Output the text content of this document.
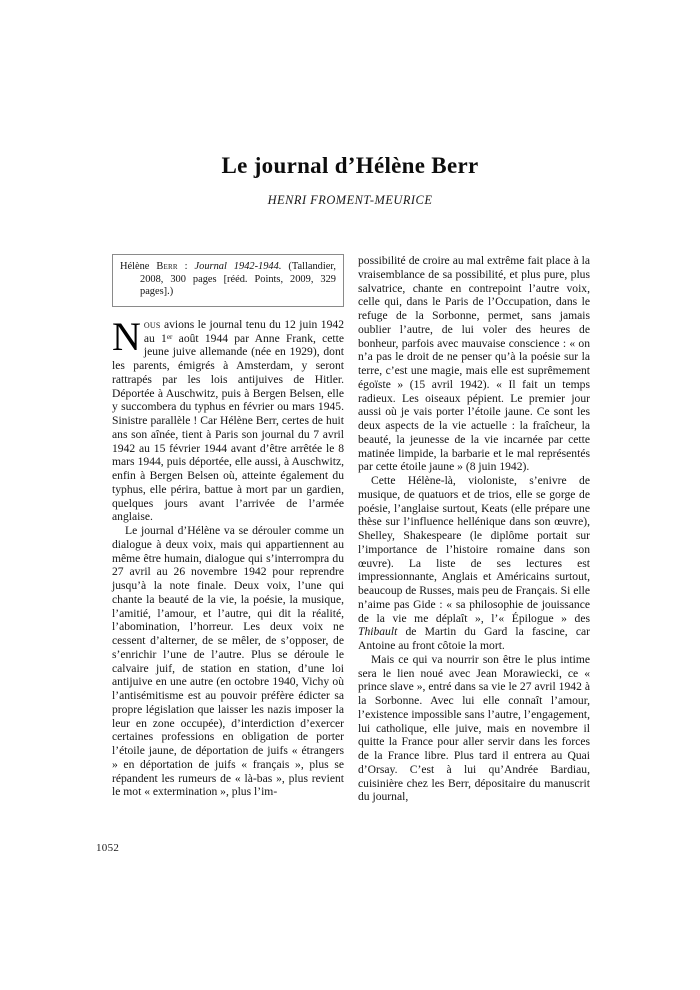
Le journal d’Hélène Berr
HENRI FROMENT-MEURICE
Hélène Berr : Journal 1942-1944. (Tallandier, 2008, 300 pages [rééd. Points, 2009, 329 pages].)

Nous avions le journal tenu du 12 juin 1942 au 1er août 1944 par Anne Frank, cette jeune juive allemande (née en 1929), dont les parents, émigrés à Amsterdam, y seront rattrapés par les lois antijuives de Hitler. Déportée à Auschwitz, puis à Bergen Belsen, elle y succombera du typhus en février ou mars 1945. Sinistre parallèle ! Car Hélène Berr, certes de huit ans son aînée, tient à Paris son journal du 7 avril 1942 au 15 février 1944 avant d’être arrêtée le 8 mars 1944, puis déportée, elle aussi, à Auschwitz, enfin à Bergen Belsen où, atteinte également du typhus, elle périra, battue à mort par un gardien, quelques jours avant l’arrivée de l’armée anglaise.

Le journal d’Hélène va se dérouler comme un dialogue à deux voix, mais qui appartiennent au même être humain, dialogue qui s’interrompra du 27 avril au 26 novembre 1942 pour reprendre jusqu’à la note finale. Deux voix, l’une qui chante la beauté de la vie, la poésie, la musique, l’amitié, l’amour, et l’autre, qui dit la réalité, l’abomination, l’horreur. Les deux voix ne cessent d’alterner, de se mêler, de s’opposer, de s’enrichir l’une de l’autre. Plus se déroule le calvaire juif, de station en station, d’une loi antijuive en une autre (en octobre 1940, Vichy où l’antisémitisme est au pouvoir préfère édicter sa propre législation que laisser les nazis imposer la leur en zone occupée), d’interdiction d’exercer certaines professions en obligation de porter l’étoile jaune, de déportation de juifs « étrangers » en déportation de juifs « français », plus se répandent les rumeurs de « là-bas », plus revient le mot « extermination », plus l’im-

possibilité de croire au mal extrême fait place à la vraisemblance de sa possibilité, et plus pure, plus salvatrice, chante en contrepoint l’autre voix, celle qui, dans le Paris de l’Occupation, dans le refuge de la Sorbonne, permet, sans jamais oublier l’autre, de lui voler des heures de bonheur, parfois avec mauvaise conscience : « on n’a pas le droit de ne penser qu’à la poésie sur la terre, c’est une magie, mais elle est suprêmement égoïste » (15 avril 1942). « Il fait un temps radieux. Les oiseaux pépient. Le premier jour aussi où je vais porter l’étoile jaune. Ce sont les deux aspects de la vie actuelle : la fraîcheur, la beauté, la jeunesse de la vie incarnée par cette matinée limpide, la barbarie et le mal représentés par cette étoile jaune » (8 juin 1942).

Cette Hélène-là, violoniste, s’enivre de musique, de quatuors et de trios, elle se gorge de poésie, l’anglaise surtout, Keats (elle prépare une thèse sur l’influence hellénique dans son œuvre), Shelley, Shakespeare (le diplôme portait sur l’importance de l’histoire romaine dans son œuvre). La liste de ses lectures est impressionnante, Anglais et Américains surtout, beaucoup de Russes, mais peu de Français. Si elle n’aime pas Gide : « sa philosophie de jouissance de la vie me déplaît », l’« Épilogue » des Thibault de Martin du Gard la fascine, car Antoine au front côtoie la mort.

Mais ce qui va nourrir son être le plus intime sera le lien noué avec Jean Morawiecki, ce « prince slave », entré dans sa vie le 27 avril 1942 à la Sorbonne. Avec lui elle connaît l’amour, l’existence impossible sans l’autre, l’engagement, lui catholique, elle juive, mais en novembre il quitte la France pour aller servir dans les forces de la France libre. Plus tard il entrera au Quai d’Orsay. C’est à lui qu’Andrée Bardiau, cuisinière chez les Berr, dépositaire du manuscrit du journal,

1052
